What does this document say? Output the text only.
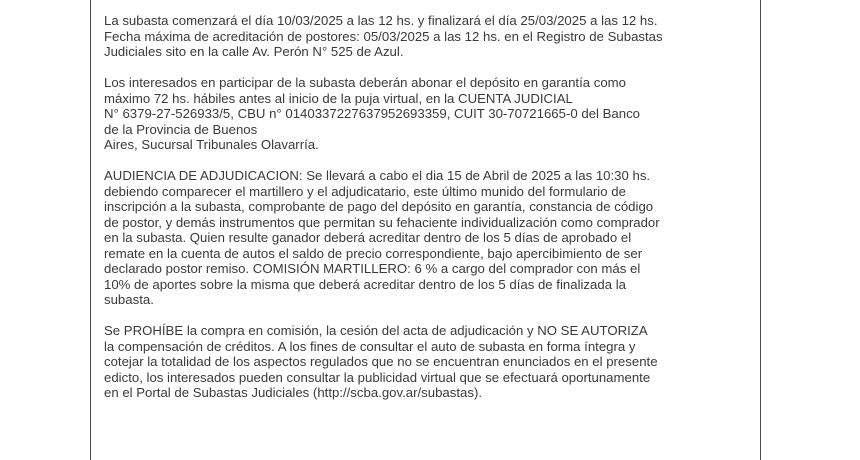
La subasta comenzará el día 10/03/2025 a las 12 hs. y finalizará el día 25/03/2025 a las 12 hs.
Fecha máxima de acreditación de postores: 05/03/2025 a las 12 hs. en el Registro de Subastas
Judiciales sito en la calle Av. Perón N° 525 de Azul.

Los interesados en participar de la subasta deberán abonar el depósito en garantía como
máximo 72 hs. hábiles antes al inicio de la puja virtual, en la CUENTA JUDICIAL
N° 6379-27-526933/5, CBU n° 0140337227637952693359, CUIT 30-70721665-0 del Banco
de la Provincia de Buenos
Aires, Sucursal Tribunales Olavarría.

AUDIENCIA DE ADJUDICACION: Se llevará a cabo el dia 15 de Abril de 2025 a las 10:30 hs.
debiendo comparecer el martillero y el adjudicatario, este último munido del formulario de
inscripción a la subasta, comprobante de pago del depósito en garantía, constancia de código
de postor, y demás instrumentos que permitan su fehaciente individualización como comprador
en la subasta. Quien resulte ganador deberá acreditar dentro de los 5 días de aprobado el
remate en la cuenta de autos el saldo de precio correspondiente, bajo apercibimiento de ser
declarado postor remiso. COMISIÓN MARTILLERO: 6 % a cargo del comprador con más el
10% de aportes sobre la misma que deberá acreditar dentro de los 5 días de finalizada la
subasta.

Se PROHÍBE la compra en comisión, la cesión del acta de adjudicación y NO SE AUTORIZA
la compensación de créditos. A los fines de consultar el auto de subasta en forma íntegra y
cotejar la totalidad de los aspectos regulados que no se encuentran enunciados en el presente
edicto, los interesados pueden consultar la publicidad virtual que se efectuará oportunamente
en el Portal de Subastas Judiciales (http://scba.gov.ar/subastas).
